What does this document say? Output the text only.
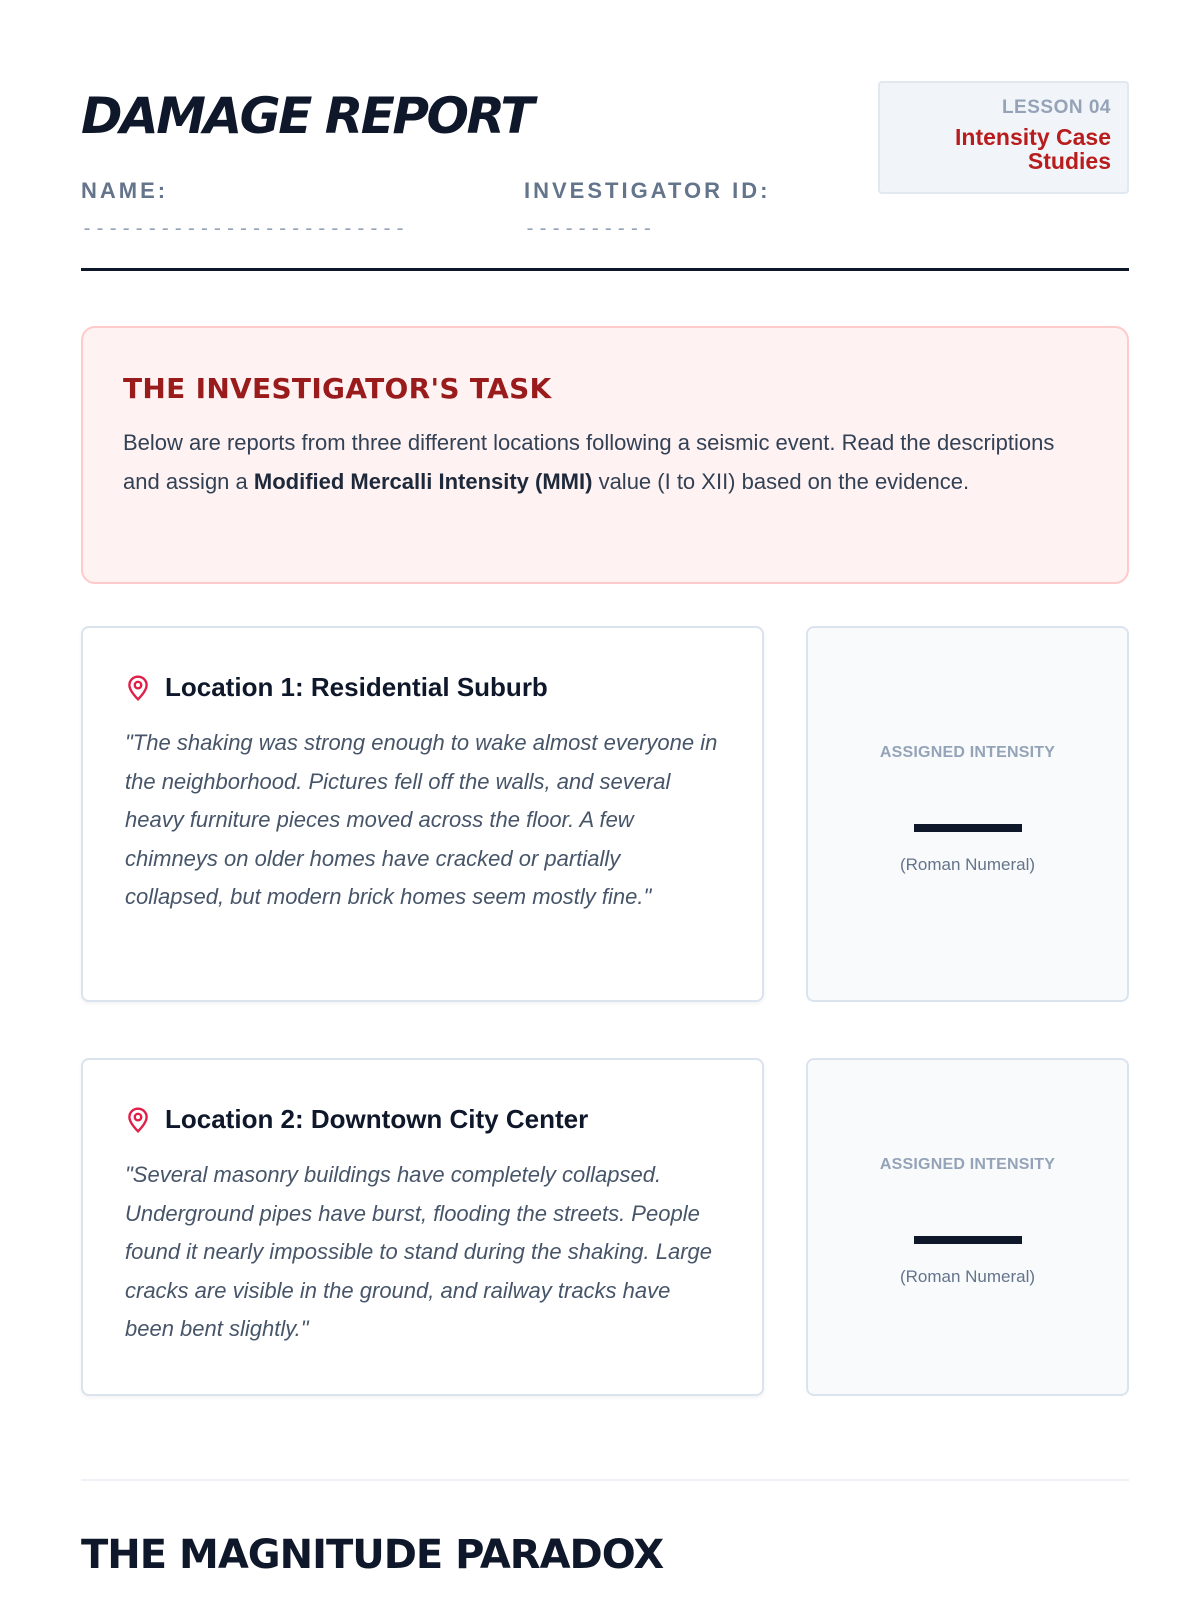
DAMAGE REPORT	LESSON 04
Intensity Case Studies
NAME:
-------------------------
INVESTIGATOR ID:
----------
THE INVESTIGATOR'S TASK
Below are reports from three different locations following a seismic event. Read the descriptions and assign a Modified Mercalli Intensity (MMI) value (I to XII) based on the evidence.
Location 1: Residential Suburb
"The shaking was strong enough to wake almost everyone in the neighborhood. Pictures fell off the walls, and several heavy furniture pieces moved across the floor. A few chimneys on older homes have cracked or partially collapsed, but modern brick homes seem mostly fine."
ASSIGNED INTENSITY
(Roman Numeral)
Location 2: Downtown City Center
"Several masonry buildings have completely collapsed. Underground pipes have burst, flooding the streets. People found it nearly impossible to stand during the shaking. Large cracks are visible in the ground, and railway tracks have been bent slightly."
ASSIGNED INTENSITY
(Roman Numeral)
THE MAGNITUDE PARADOX
